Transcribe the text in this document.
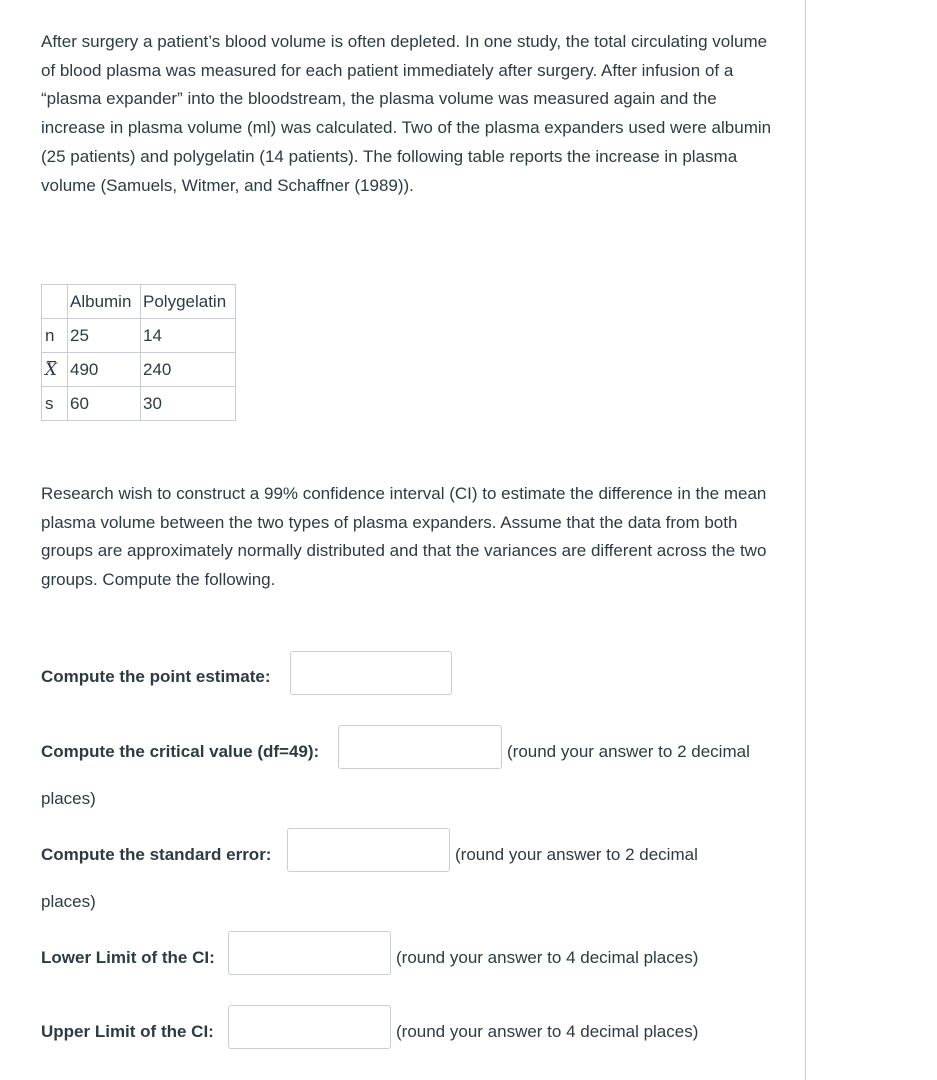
After surgery a patient’s blood volume is often depleted. In one study, the total circulating volume of blood plasma was measured for each patient immediately after surgery. After infusion of a “plasma expander” into the bloodstream, the plasma volume was measured again and the increase in plasma volume (ml) was calculated. Two of the plasma expanders used were albumin (25 patients) and polygelatin (14 patients). The following table reports the increase in plasma volume (Samuels, Witmer, and Schaffner (1989)).

	Albumin	Polygelatin
n	25	14
X	490	240
s	60	30

Research wish to construct a 99% confidence interval (CI) to estimate the difference in the mean plasma volume between the two types of plasma expanders. Assume that the data from both groups are approximately normally distributed and that the variances are different across the two groups. Compute the following.

Compute the point estimate:
Compute the critical value (df=49):	(round your answer to 2 decimal
places)
Compute the standard error:	(round your answer to 2 decimal
places)
Lower Limit of the CI:	(round your answer to 4 decimal places)
Upper Limit of the CI:	(round your answer to 4 decimal places)
